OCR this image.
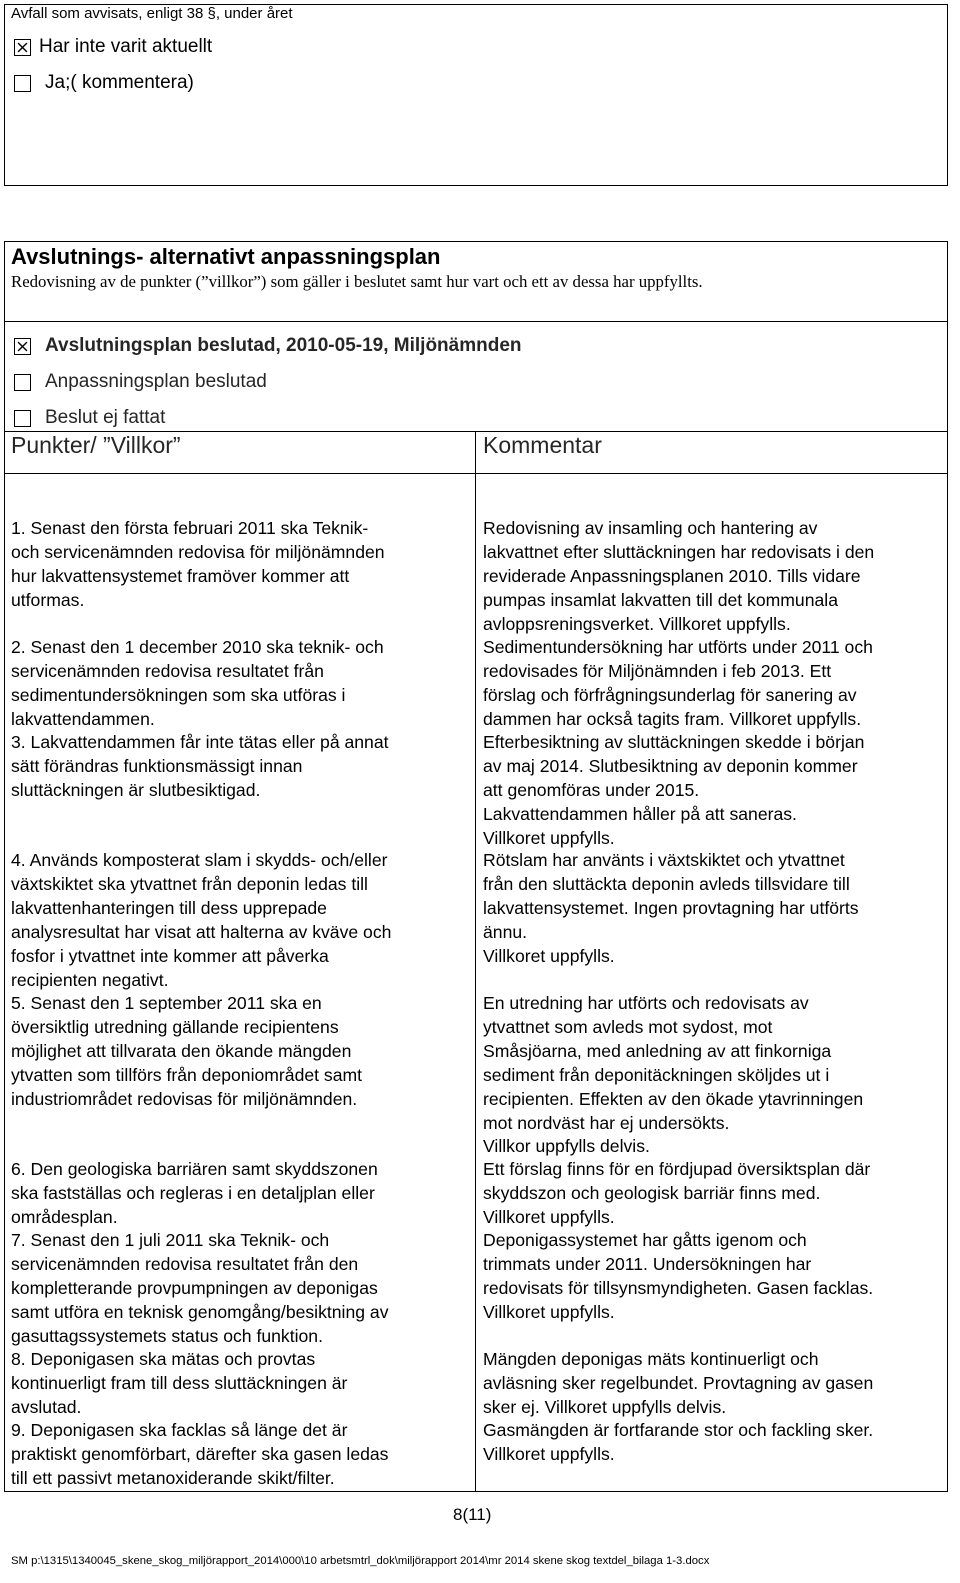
Avfall som avvisats, enligt 38 §, under året
Har inte varit aktuellt
Ja;( kommentera)
Avslutnings- alternativt anpassningsplan
Redovisning av de punkter (”villkor”) som gäller i beslutet samt hur vart och ett av dessa har uppfyllts.
Avslutningsplan beslutad, 2010-05-19, Miljönämnden
Anpassningsplan beslutad
Beslut ej fattat
Punkter/ ”Villkor”	Kommentar
1. Senast den första februari 2011 ska Teknik-
och servicenämnden redovisa för miljönämnden
hur lakvattensystemet framöver kommer att
utformas.
Redovisning av insamling och hantering av
lakvattnet efter sluttäckningen har redovisats i den
reviderade Anpassningsplanen 2010. Tills vidare
pumpas insamlat lakvatten till det kommunala
avloppsreningsverket. Villkoret uppfylls.
2. Senast den 1 december 2010 ska teknik- och
servicenämnden redovisa resultatet från
sedimentundersökningen som ska utföras i
lakvattendammen.
Sedimentundersökning har utförts under 2011 och
redovisades för Miljönämnden i feb 2013. Ett
förslag och förfrågningsunderlag för sanering av
dammen har också tagits fram. Villkoret uppfylls.
3. Lakvattendammen får inte tätas eller på annat
sätt förändras funktionsmässigt innan
sluttäckningen är slutbesiktigad.
Efterbesiktning av sluttäckningen skedde i början
av maj 2014. Slutbesiktning av deponin kommer
att genomföras under 2015.
Lakvattendammen håller på att saneras.
Villkoret uppfylls.
4. Används komposterat slam i skydds- och/eller
växtskiktet ska ytvattnet från deponin ledas till
lakvattenhanteringen till dess upprepade
analysresultat har visat att halterna av kväve och
fosfor i ytvattnet inte kommer att påverka
recipienten negativt.
Rötslam har använts i växtskiktet och ytvattnet
från den sluttäckta deponin avleds tillsvidare till
lakvattensystemet. Ingen provtagning har utförts
ännu.
Villkoret uppfylls.
5. Senast den 1 september 2011 ska en
översiktlig utredning gällande recipientens
möjlighet att tillvarata den ökande mängden
ytvatten som tillförs från deponiområdet samt
industriområdet redovisas för miljönämnden.
En utredning har utförts och redovisats av
ytvattnet som avleds mot sydost, mot
Småsjöarna, med anledning av att finkorniga
sediment från deponitäckningen sköljdes ut i
recipienten. Effekten av den ökade ytavrinningen
mot nordväst har ej undersökts.
Villkor uppfylls delvis.
6. Den geologiska barriären samt skyddszonen
ska fastställas och regleras i en detaljplan eller
områdesplan.
Ett förslag finns för en fördjupad översiktsplan där
skyddszon och geologisk barriär finns med.
Villkoret uppfylls.
7. Senast den 1 juli 2011 ska Teknik- och
servicenämnden redovisa resultatet från den
kompletterande provpumpningen av deponigas
samt utföra en teknisk genomgång/besiktning av
gasuttagssystemets status och funktion.
Deponigassystemet har gåtts igenom och
trimmats under 2011. Undersökningen har
redovisats för tillsynsmyndigheten. Gasen facklas.
Villkoret uppfylls.
8. Deponigasen ska mätas och provtas
kontinuerligt fram till dess sluttäckningen är
avslutad.
Mängden deponigas mäts kontinuerligt och
avläsning sker regelbundet. Provtagning av gasen
sker ej. Villkoret uppfylls delvis.
9. Deponigasen ska facklas så länge det är
praktiskt genomförbart, därefter ska gasen ledas
till ett passivt metanoxiderande skikt/filter.
Gasmängden är fortfarande stor och fackling sker.
Villkoret uppfylls.
8(11)
SM p:\1315\1340045_skene_skog_miljörapport_2014\000\10 arbetsmtrl_dok\miljörapport 2014\mr 2014 skene skog textdel_bilaga 1-3.docx
